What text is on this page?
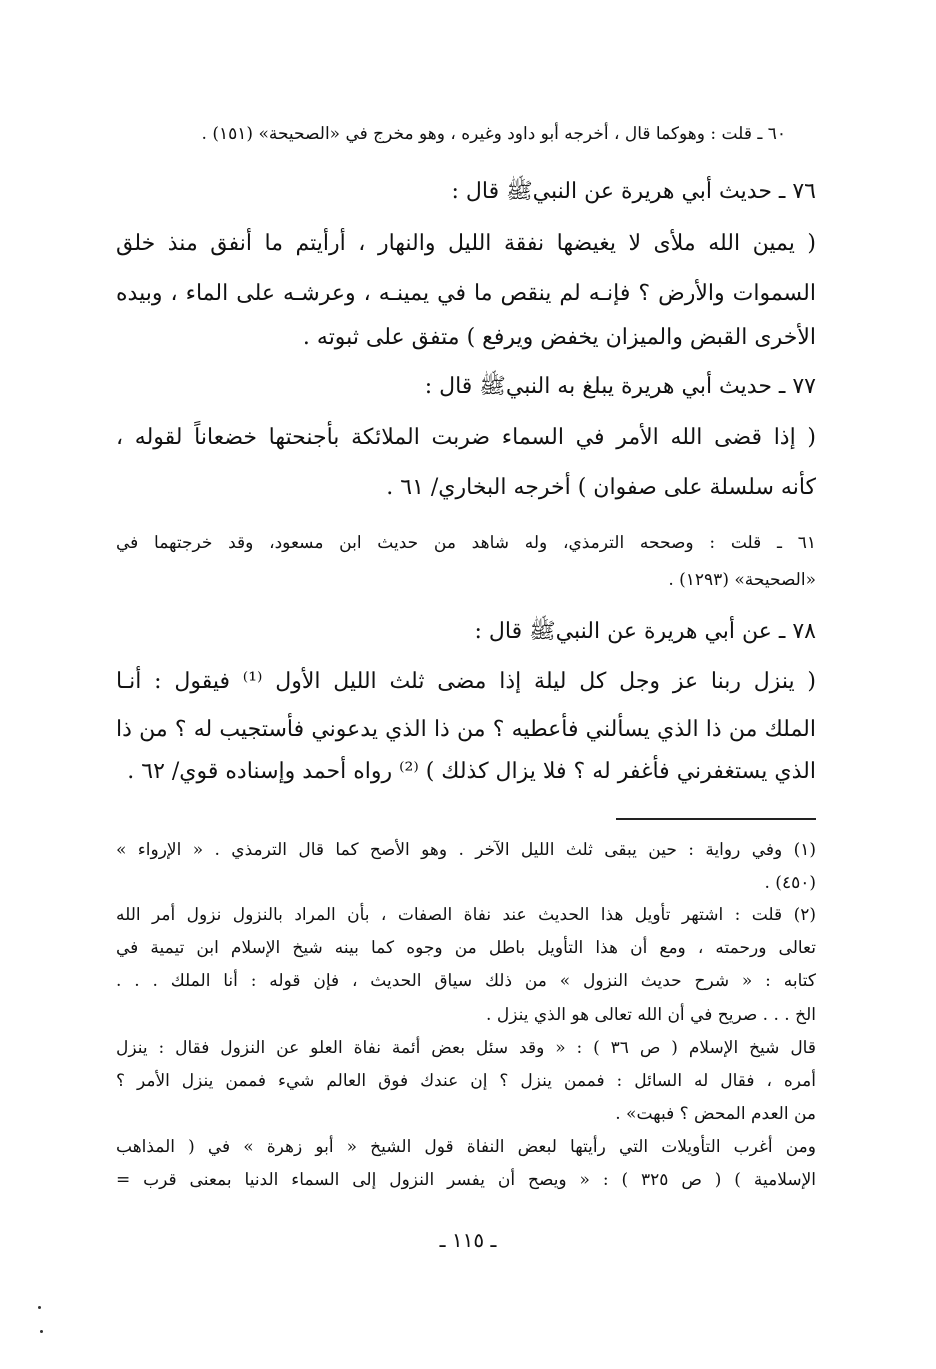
٦٠ ـ قلت : وهوكما قال ، أخرجه أبو داود وغيره ، وهو مخرج في «الصحيحة» (١٥١) .
٧٦ ـ حديث أبي هريرة عن النبيﷺ قال :
( يمين الله ملأى لا يغيضها نفقة الليل والنهار ، أرأيتم ما أنفق منذ خلق
السموات والأرض ؟ فإنـه لم ينقص ما في يمينـه ، وعرشـه على الماء ، وبيده
الأخرى القبض والميزان يخفض ويرفع ) متفق على ثبوته .
٧٧ ـ حديث أبي هريرة يبلغ به النبيﷺ قال :
( إذا قضى الله الأمر في السماء ضربت الملائكة بأجنحتها خضعاناً لقوله ،
كأنه سلسلة على صفوان ) أخرجه البخاري/ ٦١ .
٦١ ـ قلت : وصححه الترمذي، وله شاهد من حديث ابن مسعود، وقد خرجتهما في
«الصحيحة» (١٢٩٣) .
٧٨ ـ عن أبي هريرة عن النبيﷺ قال :
( ينزل ربنا عز وجل كل ليلة إذا مضى ثلث الليل الأول ⁽¹⁾ فيقول : أنـا
الملك من ذا الذي يسألني فأعطيه ؟ من ذا الذي يدعوني فأستجيب له ؟ من ذا
الذي يستغفرني فأغفر له ؟ فلا يزال كذلك ) ⁽²⁾ رواه أحمد وإسناده قوي/ ٦٢ .
(١) وفي رواية : حين يبقى ثلث الليل الآخر . وهو الأصح كما قال الترمذي . « الإرواء »
(٤٥٠) .
(٢) قلت : اشتهر تأويل هذا الحديث عند نفاة الصفات ، بأن المراد بالنزول نزول أمر الله
تعالى ورحمته ، ومع أن هذا التأويل باطل من وجوه كما بينه شيخ الإسلام ابن تيمية في
كتابه : « شرح حديث النزول » من ذلك سياق الحديث ، فإن قوله : أنا الملك . . .
الخ . . . صريح في أن الله تعالى هو الذي ينزل .
قال شيخ الإسلام ( ص ٣٦ ) : « وقد سئل بعض أئمة نفاة العلو عن النزول فقال : ينزل
أمره ، فقال له السائل : فممن ينزل ؟ إن عندك فوق العالم شيء فممن ينزل الأمر ؟
من العدم المحض ؟ فبهت» .
ومن أغرب التأويلات التي رأيتها لبعض النفاة قول الشيخ « أبو زهرة » في ( المذاهب
الإسلامية ) ( ص ٣٢٥ ) : « ويصح أن يفسر النزول إلى السماء الدنيا بمعنى قرب =
ـ ١١٥ ـ
